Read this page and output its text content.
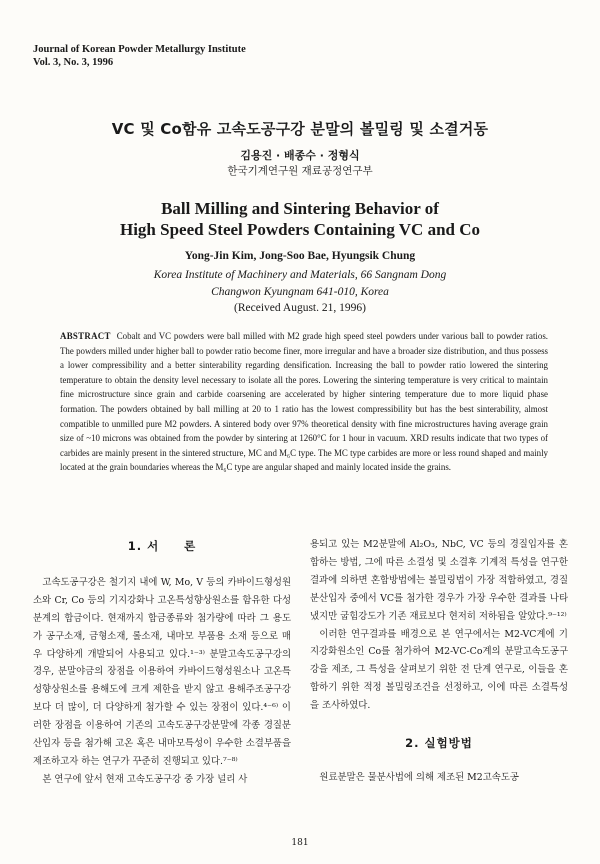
Journal of Korean Powder Metallurgy Institute
Vol. 3, No. 3, 1996
VC 및 Co함유 고속도공구강 분말의 볼밀링 및 소결거동
김용진 · 배종수 · 정형식
한국기계연구원 재료공정연구부
Ball Milling and Sintering Behavior of
High Speed Steel Powders Containing VC and Co
Yong-Jin Kim, Jong-Soo Bae, Hyungsik Chung
Korea Institute of Machinery and Materials, 66 Sangnam Dong
Changwon Kyungnam 641-010, Korea
(Received August. 21, 1996)
ABSTRACT Cobalt and VC powders were ball milled with M2 grade high speed steel powders under various ball to powder ratios. The powders milled under higher ball to powder ratio become finer, more irregular and have a broader size distribution, and thus possess a lower compressibility and a better sinterability regarding densification. Increasing the ball to powder ratio lowered the sintering temperature to obtain the density level necessary to isolate all the pores. Lowering the sintering temperature is very critical to maintain fine microstructure since grain and carbide coarsening are accelerated by higher sintering temperature due to more liquid phase formation. The powders obtained by ball milling at 20 to 1 ratio has the lowest compressibility but has the best sinterability, almost compatible to unmilled pure M2 powders. A sintered body over 97% theoretical density with fine microstructures having average grain size of ~10 microns was obtained from the powder by sintering at 1260°C for 1 hour in vacuum. XRD results indicate that two types of carbides are mainly present in the sintered structure, MC and M₆C type. The MC type carbides are more or less round shaped and mainly located at the grain boundaries whereas the M₆C type are angular shaped and mainly located inside the grains.
1. 서　　론

고속도공구강은 철기지 내에 W, Mo, V 등의 카바이드형성원소와 Cr, Co 등의 기지강화나 고온특성향상원소를 함유한 다성분계의 합금이다. 현재까지 합금종류와 첨가량에 따라 그 용도가 공구소재, 금형소재, 롤소재, 내마모 부품용 소재 등으로 매우 다양하게 개발되어 사용되고 있다.¹⁻³⁾ 분말고속도공구강의 경우, 분말야금의 장점을 이용하여 카바이드형성원소나 고온특성향상원소를 용해도에 크게 제한을 받지 않고 용해주조공구강보다 더 많이, 더 다양하게 첨가할 수 있는 장점이 있다.⁴⁻⁶⁾ 이러한 장점을 이용하여 기존의 고속도공구강분말에 각종 경질분산입자 등을 첨가해 고온 혹은 내마모특성이 우수한 소결부품을 제조하고자 하는 연구가 꾸준히 진행되고 있다.⁷⁻⁸⁾

본 연구에 앞서 현재 고속도공구강 중 가장 널리 사

용되고 있는 M2분말에 Al₂O₃, NbC, VC 등의 경질입자를 혼합하는 방법, 그에 따른 소결성 및 소결후 기계적 특성을 연구한 결과에 의하면 혼합방법에는 볼밀링법이 가장 적합하였고, 경질분산입자 중에서 VC를 첨가한 경우가 가장 우수한 결과를 나타냈지만 굽힘강도가 기존 재료보다 현저히 저하됨을 알았다.⁹⁻¹²⁾

이러한 연구결과를 배경으로 본 연구에서는 M2-VC계에 기지강화원소인 Co를 첨가하여 M2-VC-Co계의 분말고속도공구강을 제조, 그 특성을 살펴보기 위한 전 단계 연구로, 이들을 혼합하기 위한 적정 볼밀링조건을 선정하고, 이에 따른 소결특성을 조사하였다.

2. 실험방법

원료분말은 물분사법에 의해 제조된 M2고속도공

181
